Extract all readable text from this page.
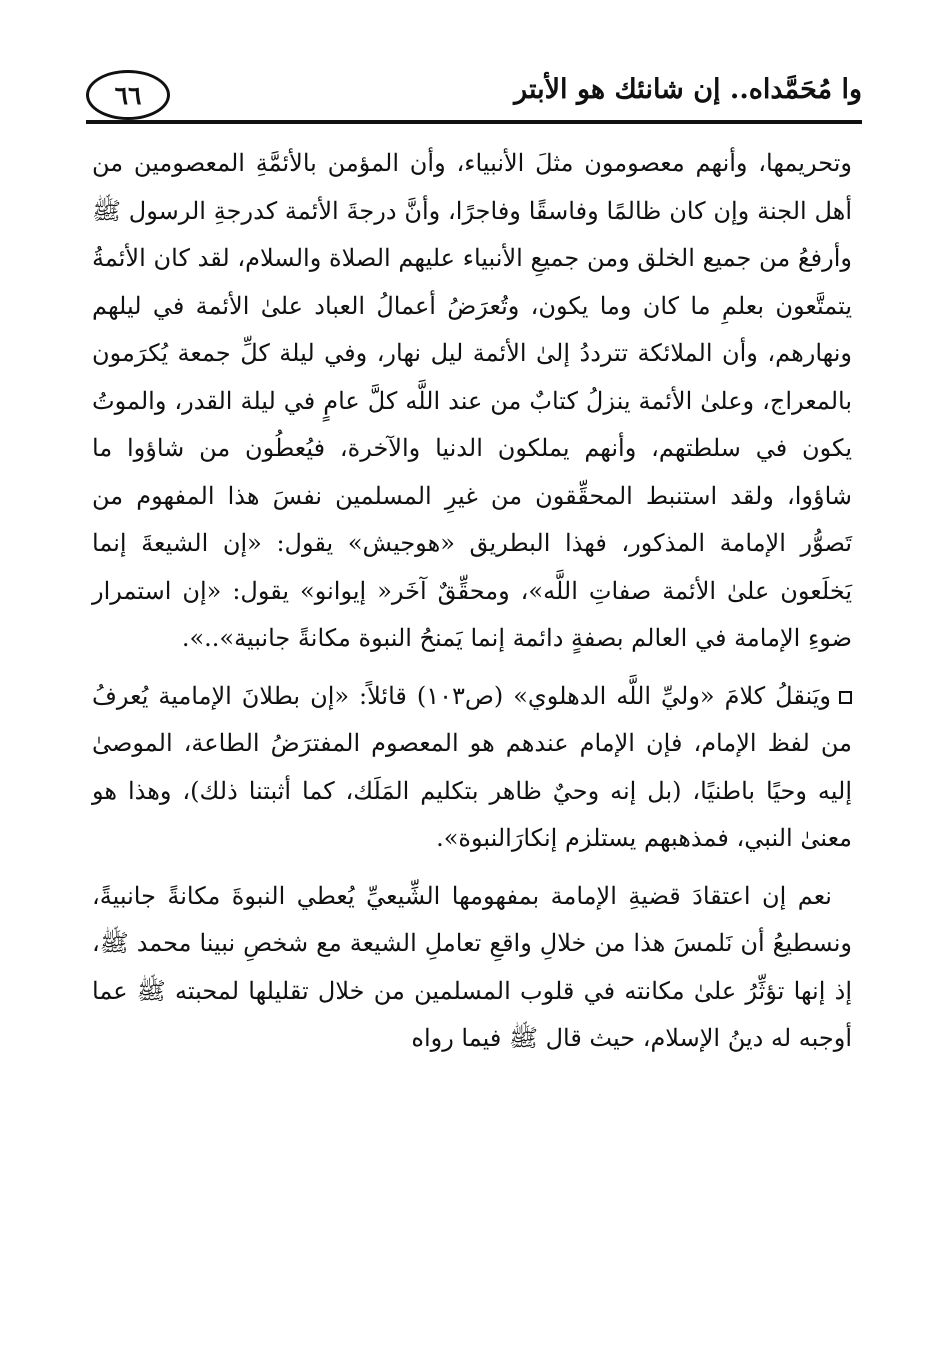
وا مُحَمَّداه.. إن شانئك هو الأبتر
٦٦

وتحريمها، وأنهم معصومون مثلَ الأنبياء، وأن المؤمن بالأئمَّةِ المعصومين من أهل الجنة وإن كان ظالمًا وفاسقًا وفاجرًا، وأنَّ درجةَ الأئمة كدرجةِ الرسول ﷺ وأرفعُ من جميع الخلق ومن جميعِ الأنبياء عليهم الصلاة والسلام، لقد كان الأئمةُ يتمتَّعون بعلمِ ما كان وما يكون، وتُعرَضُ أعمالُ العباد علىٰ الأئمة في ليلهم ونهارهم، وأن الملائكة تترددُ إلىٰ الأئمة ليل نهار، وفي ليلة كلِّ جمعة يُكرَمون بالمعراج، وعلىٰ الأئمة ينزلُ كتابٌ من عند اللَّه كلَّ عامٍ في ليلة القدر، والموتُ يكون في سلطتهم، وأنهم يملكون الدنيا والآخرة، فيُعطُون من شاؤوا ما شاؤوا، ولقد استنبط المحقِّقون من غيرِ المسلمين نفسَ هذا المفهوم من تَصوُّر الإمامة المذكور، فهذا البطريق «هوجيش» يقول: «إن الشيعةَ إنما يَخلَعون علىٰ الأئمة صفاتِ اللَّه»، ومحقِّقٌ آخَر« إيوانو» يقول: «إن استمرار ضوءِ الإمامة في العالم بصفةٍ دائمة إنما يَمنحُ النبوة مكانةً جانبية»..».

ويَنقلُ كلامَ «وليِّ اللَّه الدهلوي» (ص١٠٣) قائلاً: «إن بطلانَ الإمامية يُعرفُ من لفظ الإمام، فإن الإمام عندهم هو المعصوم المفترَضُ الطاعة، الموصىٰ إليه وحيًا باطنيًا، (بل إنه وحيٌ ظاهر بتكليم المَلَك، كما أثبتنا ذلك)، وهذا هو معنىٰ النبي، فمذهبهم يستلزم إنكارَالنبوة».

نعم إن اعتقادَ قضيةِ الإمامة بمفهومها الشِّيعيِّ يُعطي النبوةَ مكانةً جانبيةً، ونسطيعُ أن نَلمسَ هذا من خلالِ واقعِ تعاملِ الشيعة مع شخصِ نبينا محمد ﷺ، إذ إنها تؤثِّرُ علىٰ مكانته في قلوب المسلمين من خلال تقليلها لمحبته ﷺ عما أوجبه له دينُ الإسلام، حيث قال ﷺ فيما رواه
